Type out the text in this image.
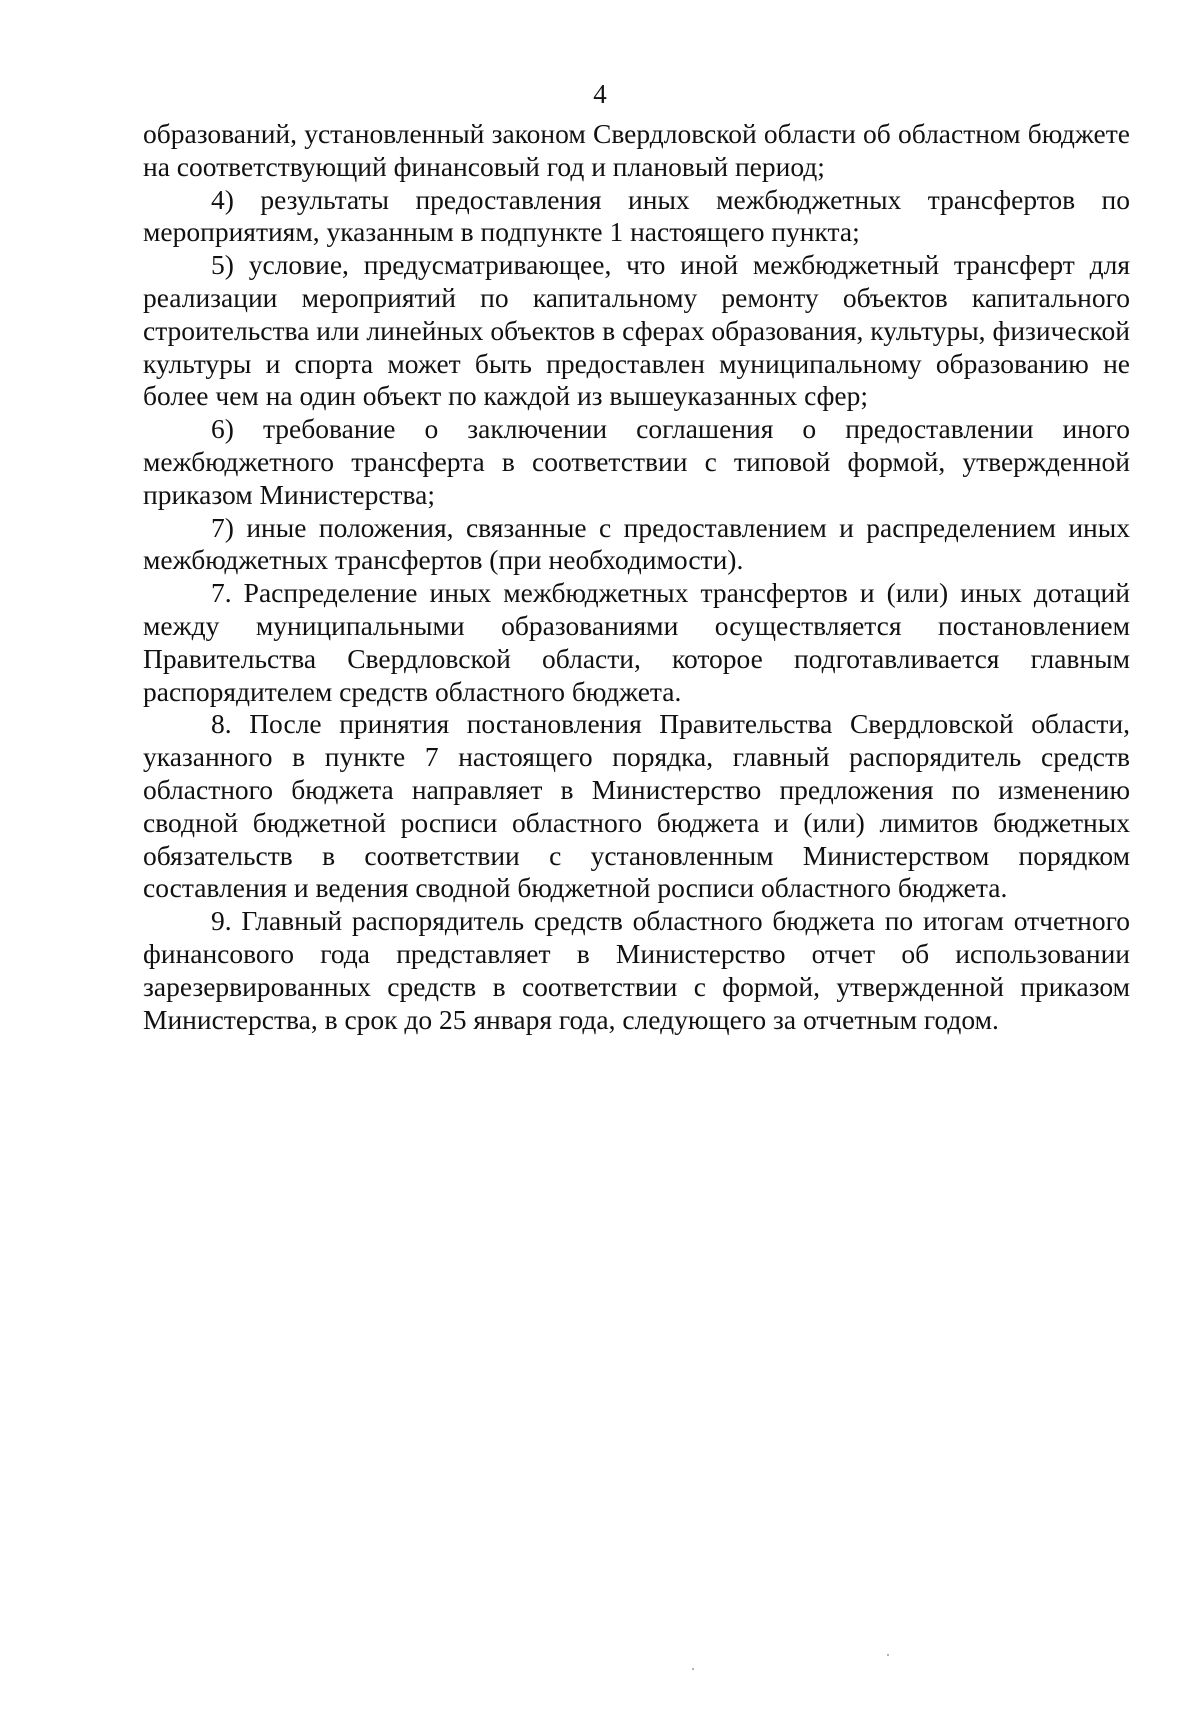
4

образований, установленный законом Свердловской области об областном бюджете на соответствующий финансовый год и плановый период;

4) результаты предоставления иных межбюджетных трансфертов по мероприятиям, указанным в подпункте 1 настоящего пункта;

5) условие, предусматривающее, что иной межбюджетный трансферт для реализации мероприятий по капитальному ремонту объектов капитального строительства или линейных объектов в сферах образования, культуры, физической культуры и спорта может быть предоставлен муниципальному образованию не более чем на один объект по каждой из вышеуказанных сфер;

6) требование о заключении соглашения о предоставлении иного межбюджетного трансферта в соответствии с типовой формой, утвержденной приказом Министерства;

7) иные положения, связанные с предоставлением и распределением иных межбюджетных трансфертов (при необходимости).

7. Распределение иных межбюджетных трансфертов и (или) иных дотаций между муниципальными образованиями осуществляется постановлением Правительства Свердловской области, которое подготавливается главным распорядителем средств областного бюджета.

8. После принятия постановления Правительства Свердловской области, указанного в пункте 7 настоящего порядка, главный распорядитель средств областного бюджета направляет в Министерство предложения по изменению сводной бюджетной росписи областного бюджета и (или) лимитов бюджетных обязательств в соответствии с установленным Министерством порядком составления и ведения сводной бюджетной росписи областного бюджета.

9. Главный распорядитель средств областного бюджета по итогам отчетного финансового года представляет в Министерство отчет об использовании зарезервированных средств в соответствии с формой, утвержденной приказом Министерства, в срок до 25 января года, следующего за отчетным годом.
